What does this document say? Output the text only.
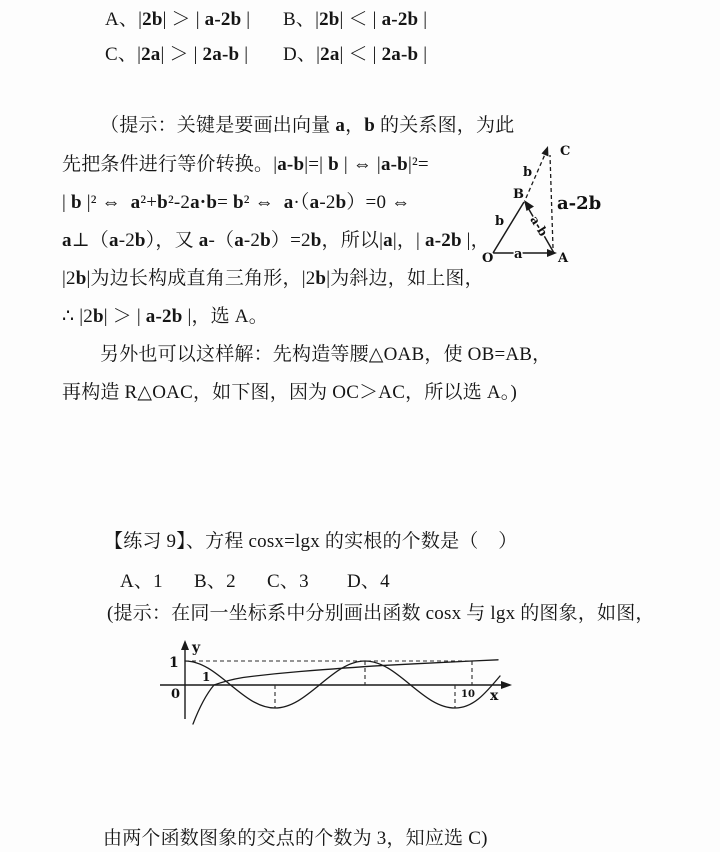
A、|2b| ＞ | a-2b | B、|2b| ＜ | a-2b |
C、|2a| ＞ | 2a-b | D、|2a| ＜ | 2a-b |
（提示：关键是要画出向量 a，b 的关系图，为此
先把条件进行等价转换。|a-b|=| b | ⇔ |a-b|²=
| b |² ⇔  a²+b²-2a·b= b² ⇔  a·（a-2b）=0 ⇔
a⊥（a-2b），又 a-（a-2b）=2b，所以|a|，| a-2b |，
|2b|为边长构成直角三角形，|2b|为斜边，如上图，
∴ |2b| ＞ | a-2b |，选 A。
另外也可以这样解：先构造等腰△OAB，使 OB=AB，
再构造 R△OAC，如下图，因为 OC＞AC，所以选 A。)
O	A
B
C
a
b
b
a-b
a-2b
【练习 9】、方程 cosx=lgx 的实根的个数是（    ）
A、1 B、2 C、3 D、4
(提示：在同一坐标系中分别画出函数 cosx 与 lgx 的图象，如图，
y
1
0
1
10 x
由两个函数图象的交点的个数为 3，知应选 C)
